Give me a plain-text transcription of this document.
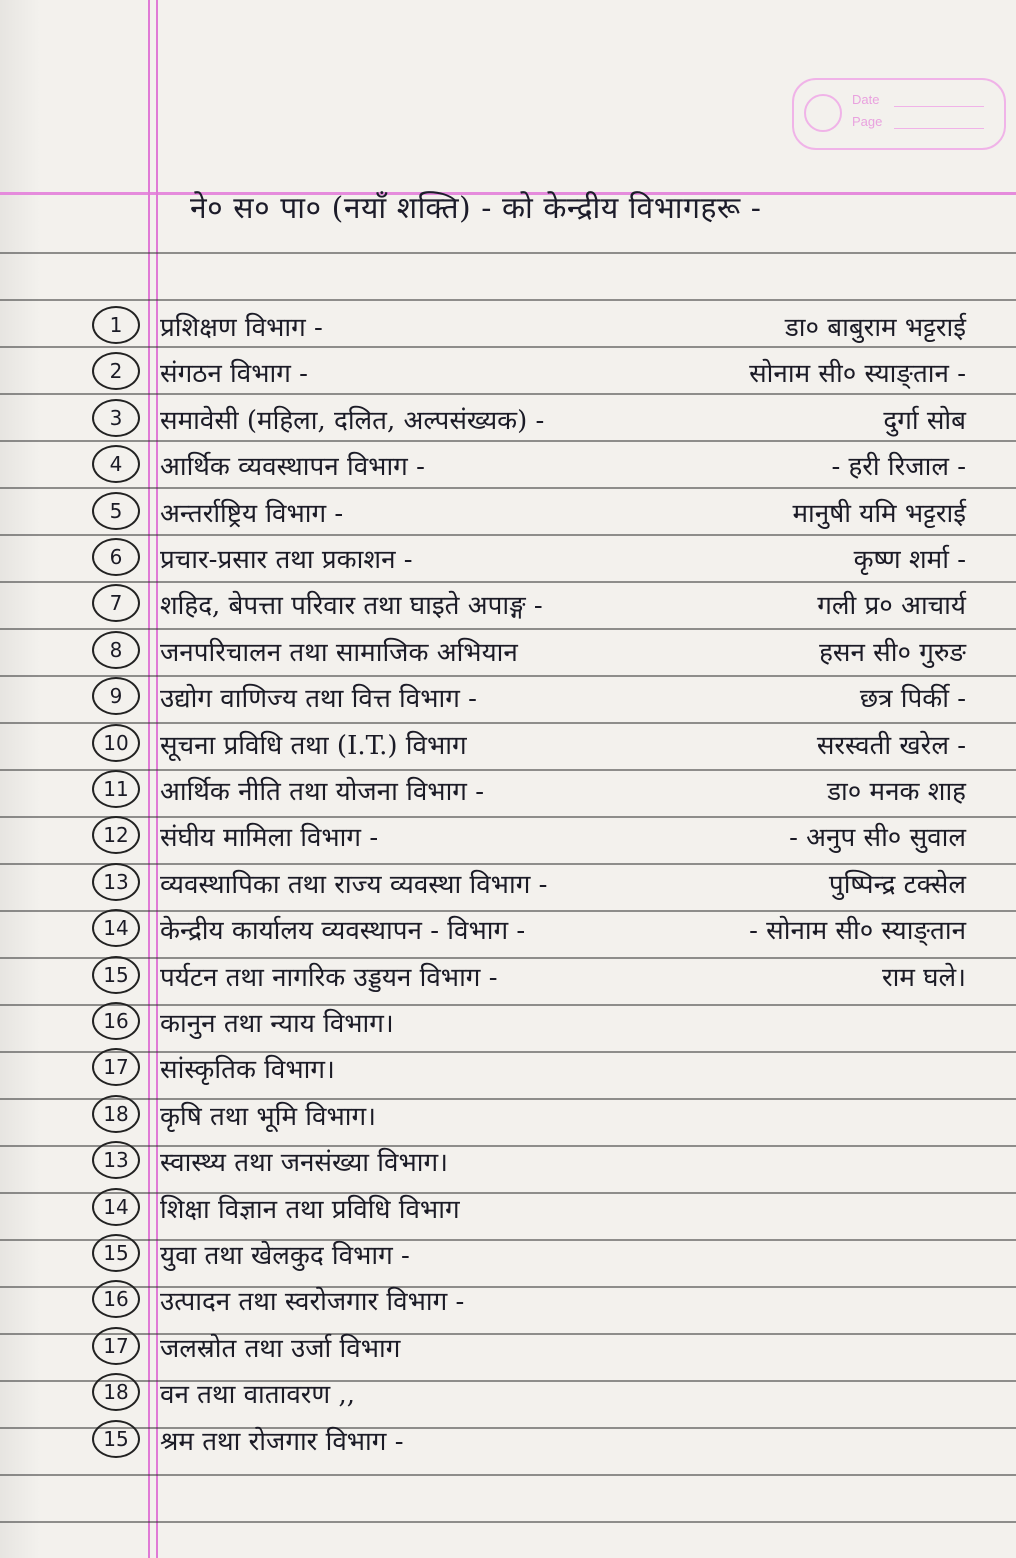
Date
Page
ने० स० पा० (नयाँ शक्ति) - को केन्द्रीय विभागहरू -
1	प्रशिक्षण विभाग -	डा० बाबुराम भट्टराई
2	संगठन विभाग -	सोनाम सी० स्याङ्तान -
3	समावेसी (महिला, दलित, अल्पसंख्यक) -	दुर्गा सोब
4	आर्थिक व्यवस्थापन विभाग -	- हरी रिजाल -
5	अन्तर्राष्ट्रिय विभाग -	मानुषी यमि भट्टराई
6	प्रचार-प्रसार तथा प्रकाशन -	कृष्ण शर्मा -
7	शहिद, बेपत्ता परिवार तथा घाइते अपाङ्ग -	गली प्र० आचार्य
8	जनपरिचालन तथा सामाजिक अभियान	हसन सी० गुरुङ
9	उद्योग वाणिज्य तथा वित्त विभाग -	छत्र पिर्की -
10	सूचना प्रविधि तथा (I.T.) विभाग	सरस्वती खरेल -
11	आर्थिक नीति तथा योजना विभाग -	डा० मनक शाह
12	संघीय मामिला विभाग -	- अनुप सी० सुवाल
13	व्यवस्थापिका तथा राज्य व्यवस्था विभाग -	पुष्पिन्द्र टक्सेल
14	केन्द्रीय कार्यालय व्यवस्थापन - विभाग -	- सोनाम सी० स्याङ्तान
15	पर्यटन तथा नागरिक उड्डयन विभाग -	राम घले।
16	कानुन तथा न्याय विभाग।
17	सांस्कृतिक विभाग।
18	कृषि तथा भूमि विभाग।
13	स्वास्थ्य तथा जनसंख्या विभाग।
14	शिक्षा विज्ञान तथा प्रविधि विभाग
15	युवा तथा खेलकुद विभाग -
16	उत्पादन तथा स्वरोजगार विभाग -
17	जलस्रोत तथा उर्जा विभाग
18	वन तथा वातावरण ,,
15	श्रम तथा रोजगार विभाग -
